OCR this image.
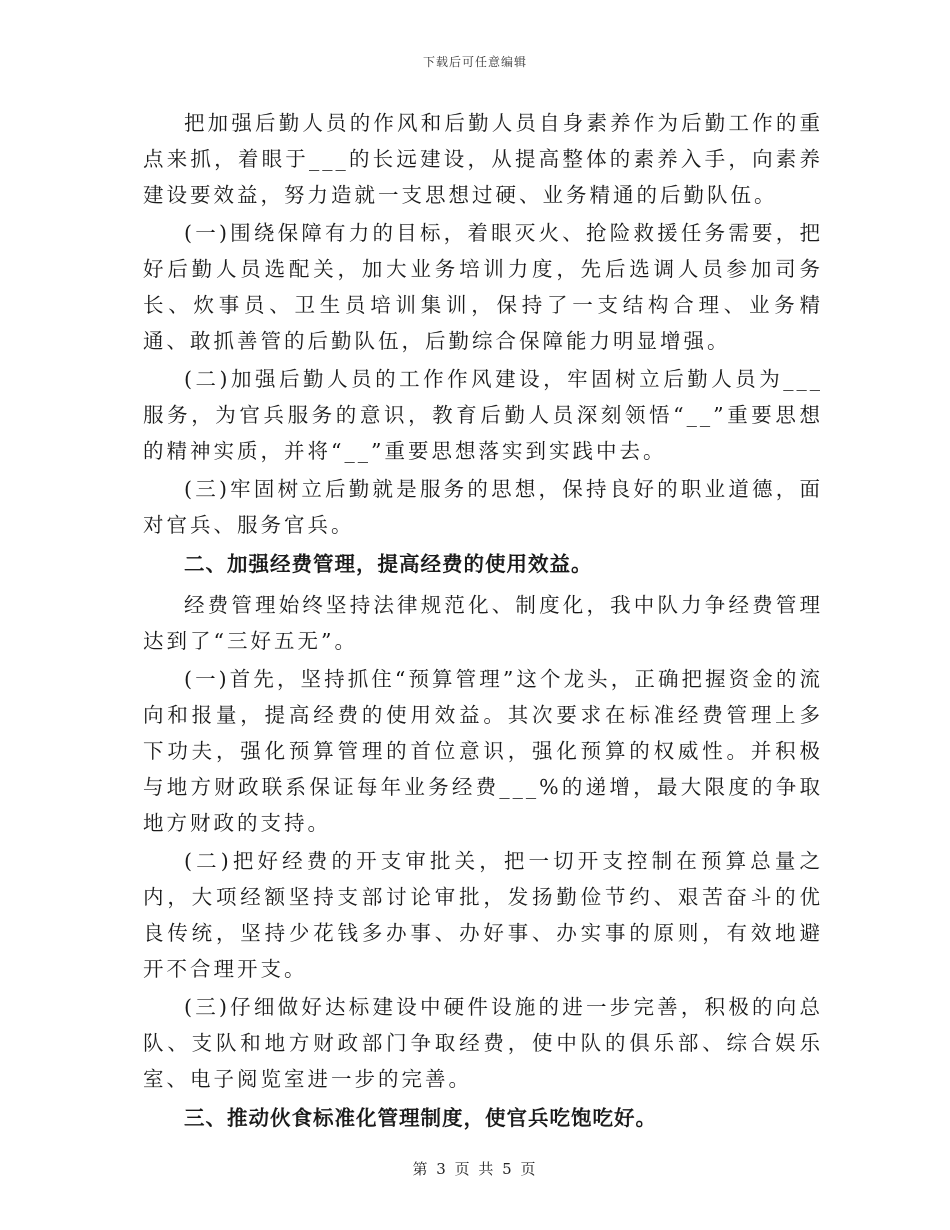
下载后可任意编辑

把加强后勤人员的作风和后勤人员自身素养作为后勤工作的重点来抓，着眼于___的长远建设，从提高整体的素养入手，向素养建设要效益，努力造就一支思想过硬、业务精通的后勤队伍。

(一)围绕保障有力的目标，着眼灭火、抢险救援任务需要，把好后勤人员选配关，加大业务培训力度，先后选调人员参加司务长、炊事员、卫生员培训集训，保持了一支结构合理、业务精通、敢抓善管的后勤队伍，后勤综合保障能力明显增强。

(二)加强后勤人员的工作作风建设，牢固树立后勤人员为___服务，为官兵服务的意识，教育后勤人员深刻领悟“__”重要思想的精神实质，并将“__”重要思想落实到实践中去。

(三)牢固树立后勤就是服务的思想，保持良好的职业道德，面对官兵、服务官兵。

二、加强经费管理，提高经费的使用效益。

经费管理始终坚持法律规范化、制度化，我中队力争经费管理达到了“三好五无”。

(一)首先，坚持抓住“预算管理”这个龙头，正确把握资金的流向和报量，提高经费的使用效益。其次要求在标准经费管理上多下功夫，强化预算管理的首位意识，强化预算的权威性。并积极与地方财政联系保证每年业务经费___%的递增，最大限度的争取地方财政的支持。

(二)把好经费的开支审批关，把一切开支控制在预算总量之内，大项经额坚持支部讨论审批，发扬勤俭节约、艰苦奋斗的优良传统，坚持少花钱多办事、办好事、办实事的原则，有效地避开不合理开支。

(三)仔细做好达标建设中硬件设施的进一步完善，积极的向总队、支队和地方财政部门争取经费，使中队的俱乐部、综合娱乐室、电子阅览室进一步的完善。

三、推动伙食标准化管理制度，使官兵吃饱吃好。
第 3 页 共 5 页
